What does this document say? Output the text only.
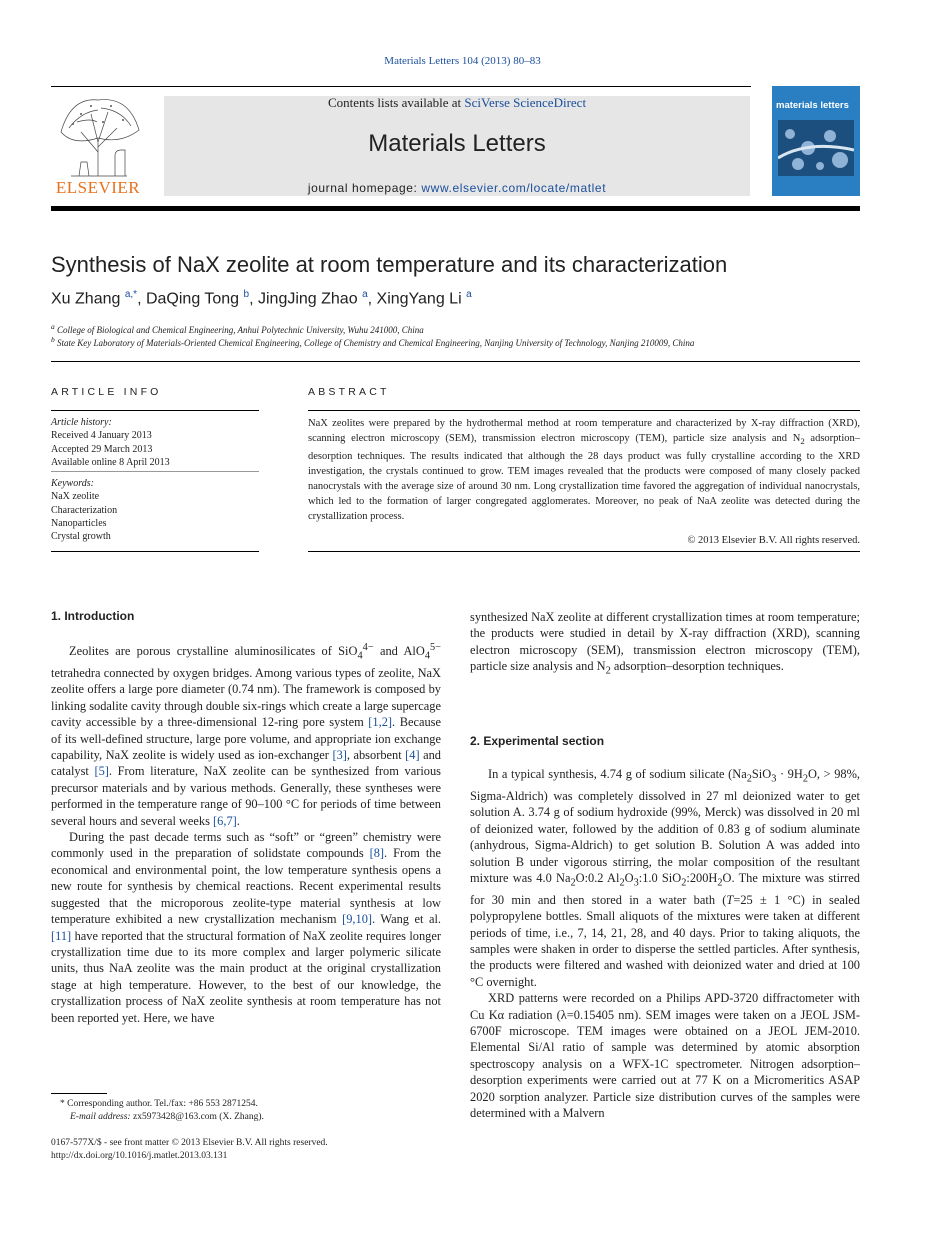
Materials Letters 104 (2013) 80–83
ELSEVIER
Contents lists available at SciVerse ScienceDirect
Materials Letters
journal homepage: www.elsevier.com/locate/matlet
materials letters
Synthesis of NaX zeolite at room temperature and its characterization
Xu Zhang $^{a,*}$, DaQing Tong $^b$, JingJing Zhao $^a$, XingYang Li $^a$
$^a$ College of Biological and Chemical Engineering, Anhui Polytechnic University, Wuhu 241000, China
$^b$ State Key Laboratory of Materials-Oriented Chemical Engineering, College of Chemistry and Chemical Engineering, Nanjing University of Technology, Nanjing 210009, China
ARTICLE INFO
Article history:
Received 4 January 2013
Accepted 29 March 2013
Available online 8 April 2013
Keywords:
NaX zeolite
Characterization
Nanoparticles
Crystal growth
ABSTRACT
NaX zeolites were prepared by the hydrothermal method at room temperature and characterized by X-ray diffraction (XRD), scanning electron microscopy (SEM), transmission electron microscopy (TEM), particle size analysis and $N_2$ adsorption–desorption techniques. The results indicated that although the 28 days product was fully crystalline according to the XRD investigation, the crystals continued to grow. TEM images revealed that the products were composed of many closely packed nanocrystals with the average size of around 30 nm. Long crystallization time favored the aggregation of individual nanocrystals, which led to the formation of larger congregated agglomerates. Moreover, no peak of NaA zeolite was detected during the crystallization process.
© 2013 Elsevier B.V. All rights reserved.
1. Introduction

Zeolites are porous crystalline aluminosilicates of SiO$_4^{4-}$ and AlO$_4^{5-}$ tetrahedra connected by oxygen bridges. Among various types of zeolite, NaX zeolite offers a large pore diameter (0.74 nm). The framework is composed by linking sodalite cavity through double six-rings which create a large supercage cavity accessible by a three-dimensional 12-ring pore system [1,2]. Because of its well-defined structure, large pore volume, and appropriate ion exchange capability, NaX zeolite is widely used as ion-exchanger [3], absorbent [4] and catalyst [5]. From literature, NaX zeolite can be synthesized from various precursor materials and by various methods. Generally, these syntheses were performed in the temperature range of 90–100 °C for periods of time between several hours and several weeks [6,7].

During the past decade terms such as “soft” or “green” chemistry were commonly used in the preparation of solidstate compounds [8]. From the economical and environmental point, the low temperature synthesis opens a new route for synthesis by chemical reactions. Recent experimental results suggested that the microporous zeolite-type material synthesis at low temperature exhibited a new crystallization mechanism [9,10]. Wang et al. [11] have reported that the structural formation of NaX zeolite requires longer crystallization time due to its more complex and larger polymeric silicate units, thus NaA zeolite was the main product at the original crystallization stage at high temperature. However, to the best of our knowledge, the crystallization process of NaX zeolite synthesis at room temperature has not been reported yet. Here, we have

* Corresponding author. Tel./fax: +86 553 2871254.
E-mail address: zx5973428@163.com (X. Zhang).
0167-577X/$ - see front matter © 2013 Elsevier B.V. All rights reserved.
http://dx.doi.org/10.1016/j.matlet.2013.03.131

synthesized NaX zeolite at different crystallization times at room temperature; the products were studied in detail by X-ray diffraction (XRD), scanning electron microscopy (SEM), transmission electron microscopy (TEM), particle size analysis and $N_2$ adsorption–desorption techniques.

2. Experimental section

In a typical synthesis, 4.74 g of sodium silicate ($Na_2SiO_3 \cdot 9H_2O$, > 98%, Sigma-Aldrich) was completely dissolved in 27 ml deionized water to get solution A. 3.74 g of sodium hydroxide (99%, Merck) was dissolved in 20 ml of deionized water, followed by the addition of 0.83 g of sodium aluminate (anhydrous, Sigma-Aldrich) to get solution B. Solution A was added into solution B under vigorous stirring, the molar composition of the resultant mixture was 4.0 $Na_2O:0.2$ $Al_2O_3:1.0$ $SiO_2:200H_2O$. The mixture was stirred for 30 min and then stored in a water bath (T=25 ± 1 °C) in sealed polypropylene bottles. Small aliquots of the mixtures were taken at different periods of time, i.e., 7, 14, 21, 28, and 40 days. Prior to taking aliquots, the samples were shaken in order to disperse the settled particles. After synthesis, the products were filtered and washed with deionized water and dried at 100 °C overnight.

XRD patterns were recorded on a Philips APD-3720 diffractometer with Cu Kα radiation (λ=0.15405 nm). SEM images were taken on a JEOL JSM-6700F microscope. TEM images were obtained on a JEOL JEM-2010. Elemental Si/Al ratio of sample was determined by atomic absorption spectroscopy analysis on a WFX-1C spectrometer. Nitrogen adsorption–desorption experiments were carried out at 77 K on a Micromeritics ASAP 2020 sorption analyzer. Particle size distribution curves of the samples were determined with a Malvern
